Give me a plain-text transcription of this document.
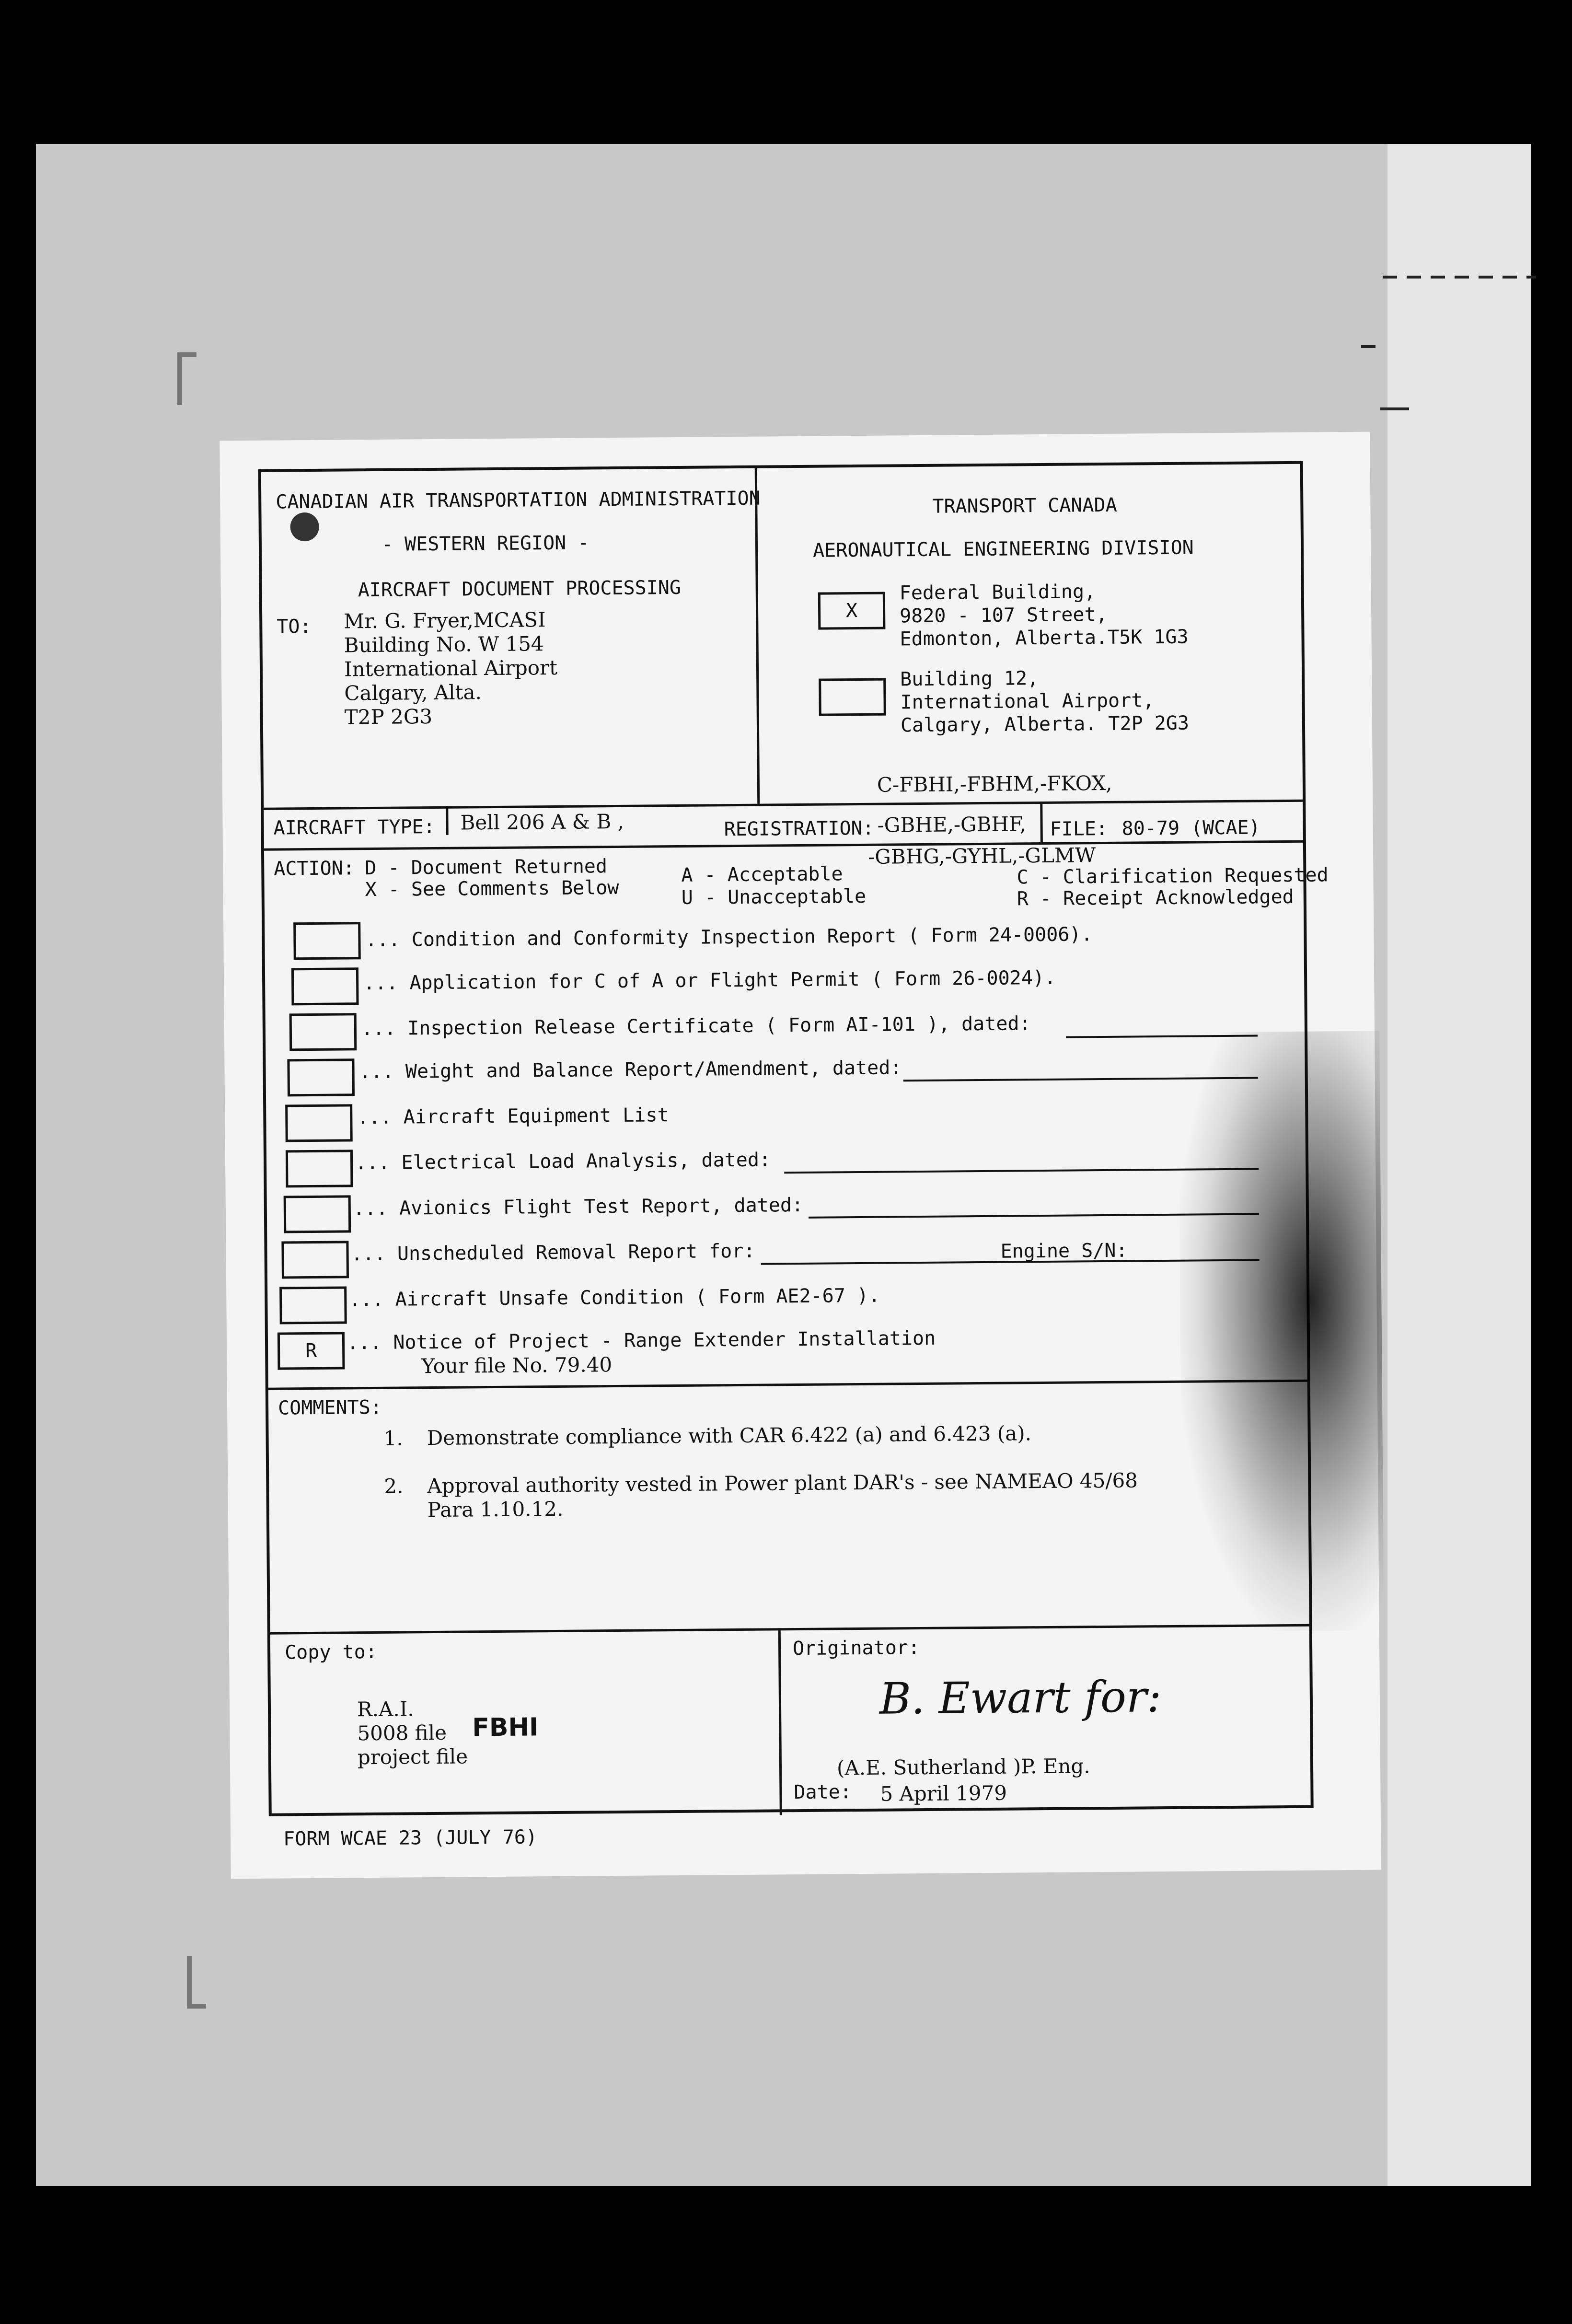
CANADIAN AIR TRANSPORTATION ADMINISTRATION
- WESTERN REGION -
AIRCRAFT DOCUMENT PROCESSING
TO: Mr. G. Fryer,MCASI
Building No. W 154
International Airport
Calgary, Alta.
T2P 2G3
TRANSPORT CANADA
AERONAUTICAL ENGINEERING DIVISION
X
Federal Building,
9820 - 107 Street,
Edmonton, Alberta.T5K 1G3
Building 12,
International Airport,
Calgary, Alberta. T2P 2G3
C-FBHI,-FBHM,-FKOX,
AIRCRAFT TYPE: Bell 206 A & B ,	REGISTRATION: -GBHE,-GBHF, FILE: 80-79 (WCAE)
ACTION: D - Document Returned
X - See Comments Below
-GBHG,-GYHL,-GLMW
A - Acceptable
U - Unacceptable
C - Clarification Requested
R - Receipt Acknowledged
... Condition and Conformity Inspection Report ( Form 24-0006).
... Application for C of A or Flight Permit ( Form 26-0024).
... Inspection Release Certificate ( Form AI-101 ), dated:
... Weight and Balance Report/Amendment, dated:
... Aircraft Equipment List
... Electrical Load Analysis, dated:
... Avionics Flight Test Report, dated:
... Unscheduled Removal Report for:	Engine S/N:
... Aircraft Unsafe Condition ( Form AE2-67 ).
R	... Notice of Project - Range Extender Installation
Your file No. 79.40
COMMENTS:
1. Demonstrate compliance with CAR 6.422 (a) and 6.423 (a).
2. Approval authority vested in Power plant DAR's - see NAMEAO 45/68
Para 1.10.12.
Copy to:
R.A.I.
5008 file
project file
FBHI
Originator:
B. Ewart for:
(A.E. Sutherland )P. Eng.
Date: 5 April 1979
FORM WCAE 23 (JULY 76)
